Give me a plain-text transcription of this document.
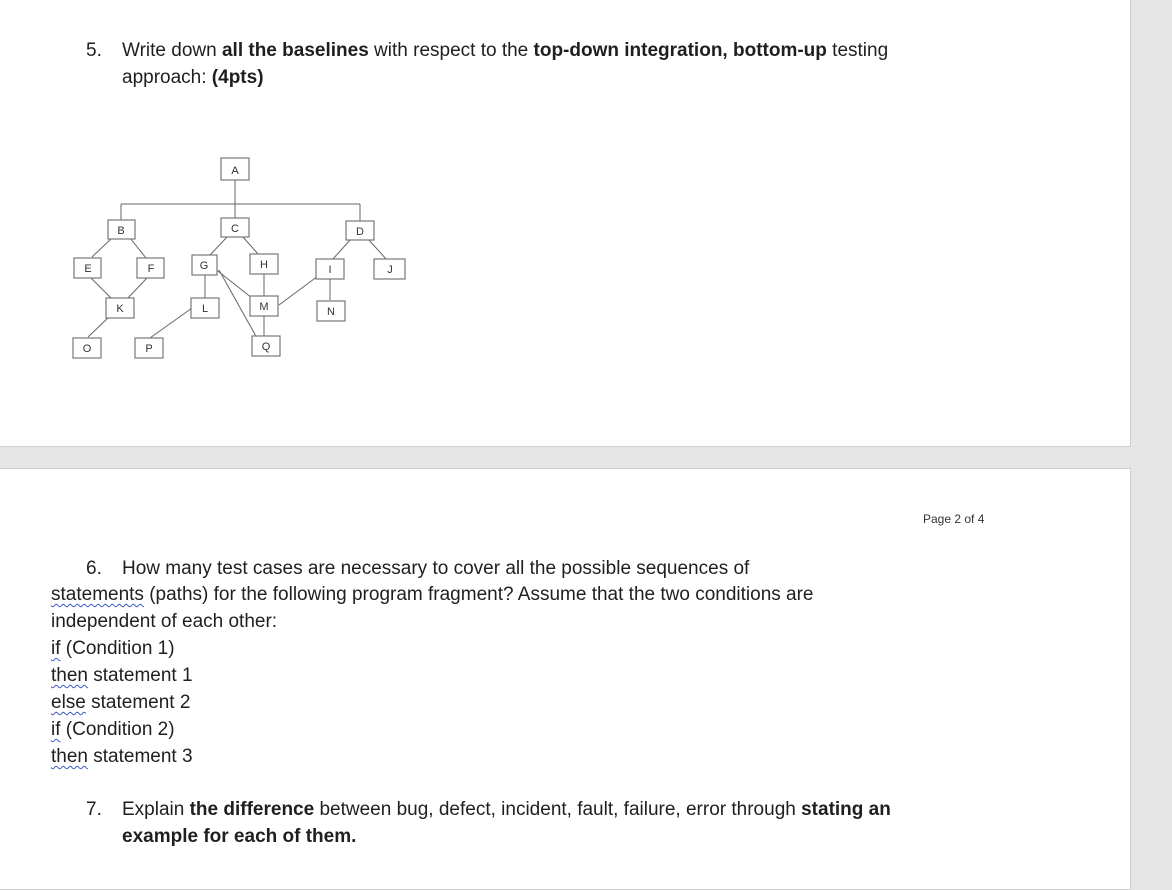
5. Write down all the baselines with respect to the top-down integration, bottom-up testing
approach: (4pts)
A
B	C	D
E	F	G	H	I	J
K	L	M	N
O	P	Q
Page 2 of 4
6. How many test cases are necessary to cover all the possible sequences of
statements (paths) for the following program fragment? Assume that the two conditions are
independent of each other:
if (Condition 1)
then statement 1
else statement 2
if (Condition 2)
then statement 3
7. Explain the difference between bug, defect, incident, fault, failure, error through stating an
example for each of them.
